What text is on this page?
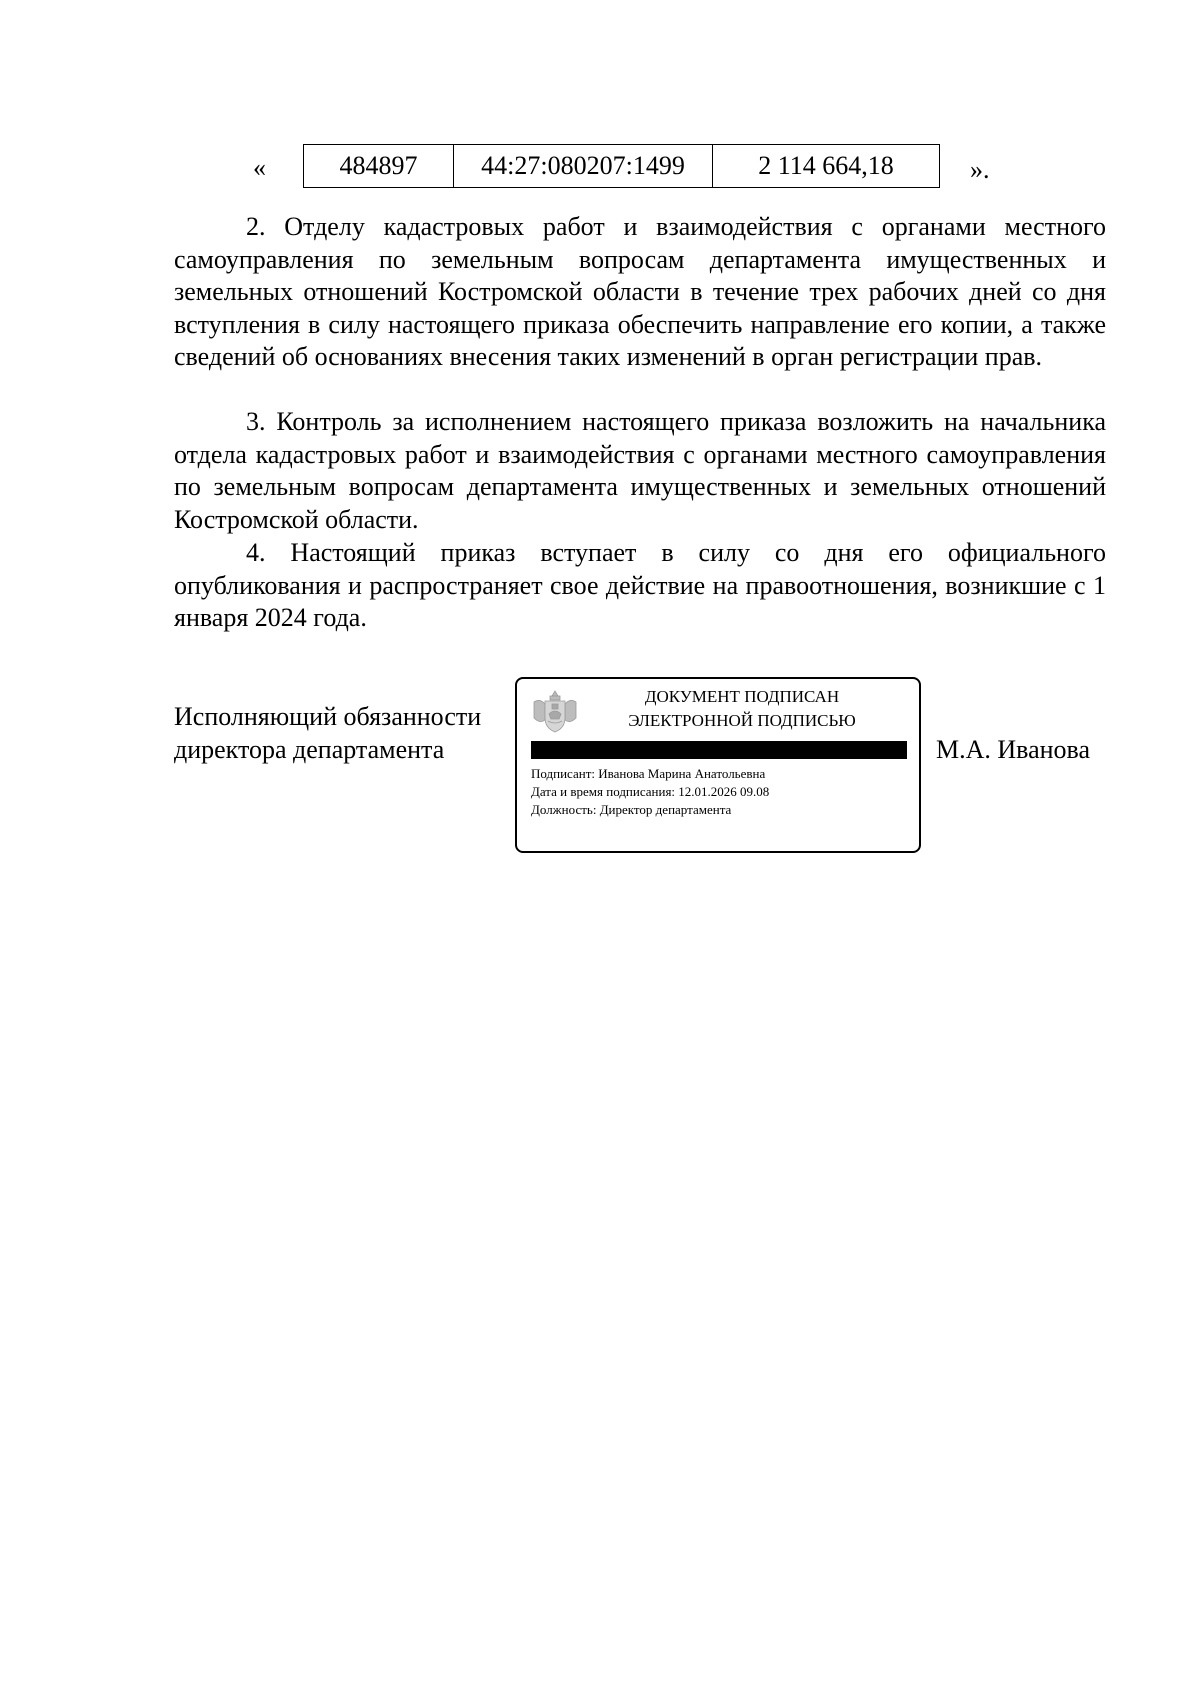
«	484897	44:27:080207:1499	2 114 664,18	».

2. Отделу кадастровых работ и взаимодействия с органами местного самоуправления по земельным вопросам департамента имущественных и земельных отношений Костромской области в течение трех рабочих дней со дня вступления в силу настоящего приказа обеспечить направление его копии, а также сведений об основаниях внесения таких изменений в орган регистрации прав.

3. Контроль за исполнением настоящего приказа возложить на начальника отдела кадастровых работ и взаимодействия с органами местного самоуправления по земельным вопросам департамента имущественных и земельных отношений Костромской области.

4. Настоящий приказ вступает в силу со дня его официального опубликования и распространяет свое действие на правоотношения, возникшие с 1 января 2024 года.

Исполняющий обязанности
директора департамента
ДОКУМЕНТ ПОДПИСАН
ЭЛЕКТРОННОЙ ПОДПИСЬЮ
Подписант: Иванова Марина Анатольевна
Дата и время подписания: 12.01.2026 09.08
Должность: Директор департамента
М.А. Иванова
